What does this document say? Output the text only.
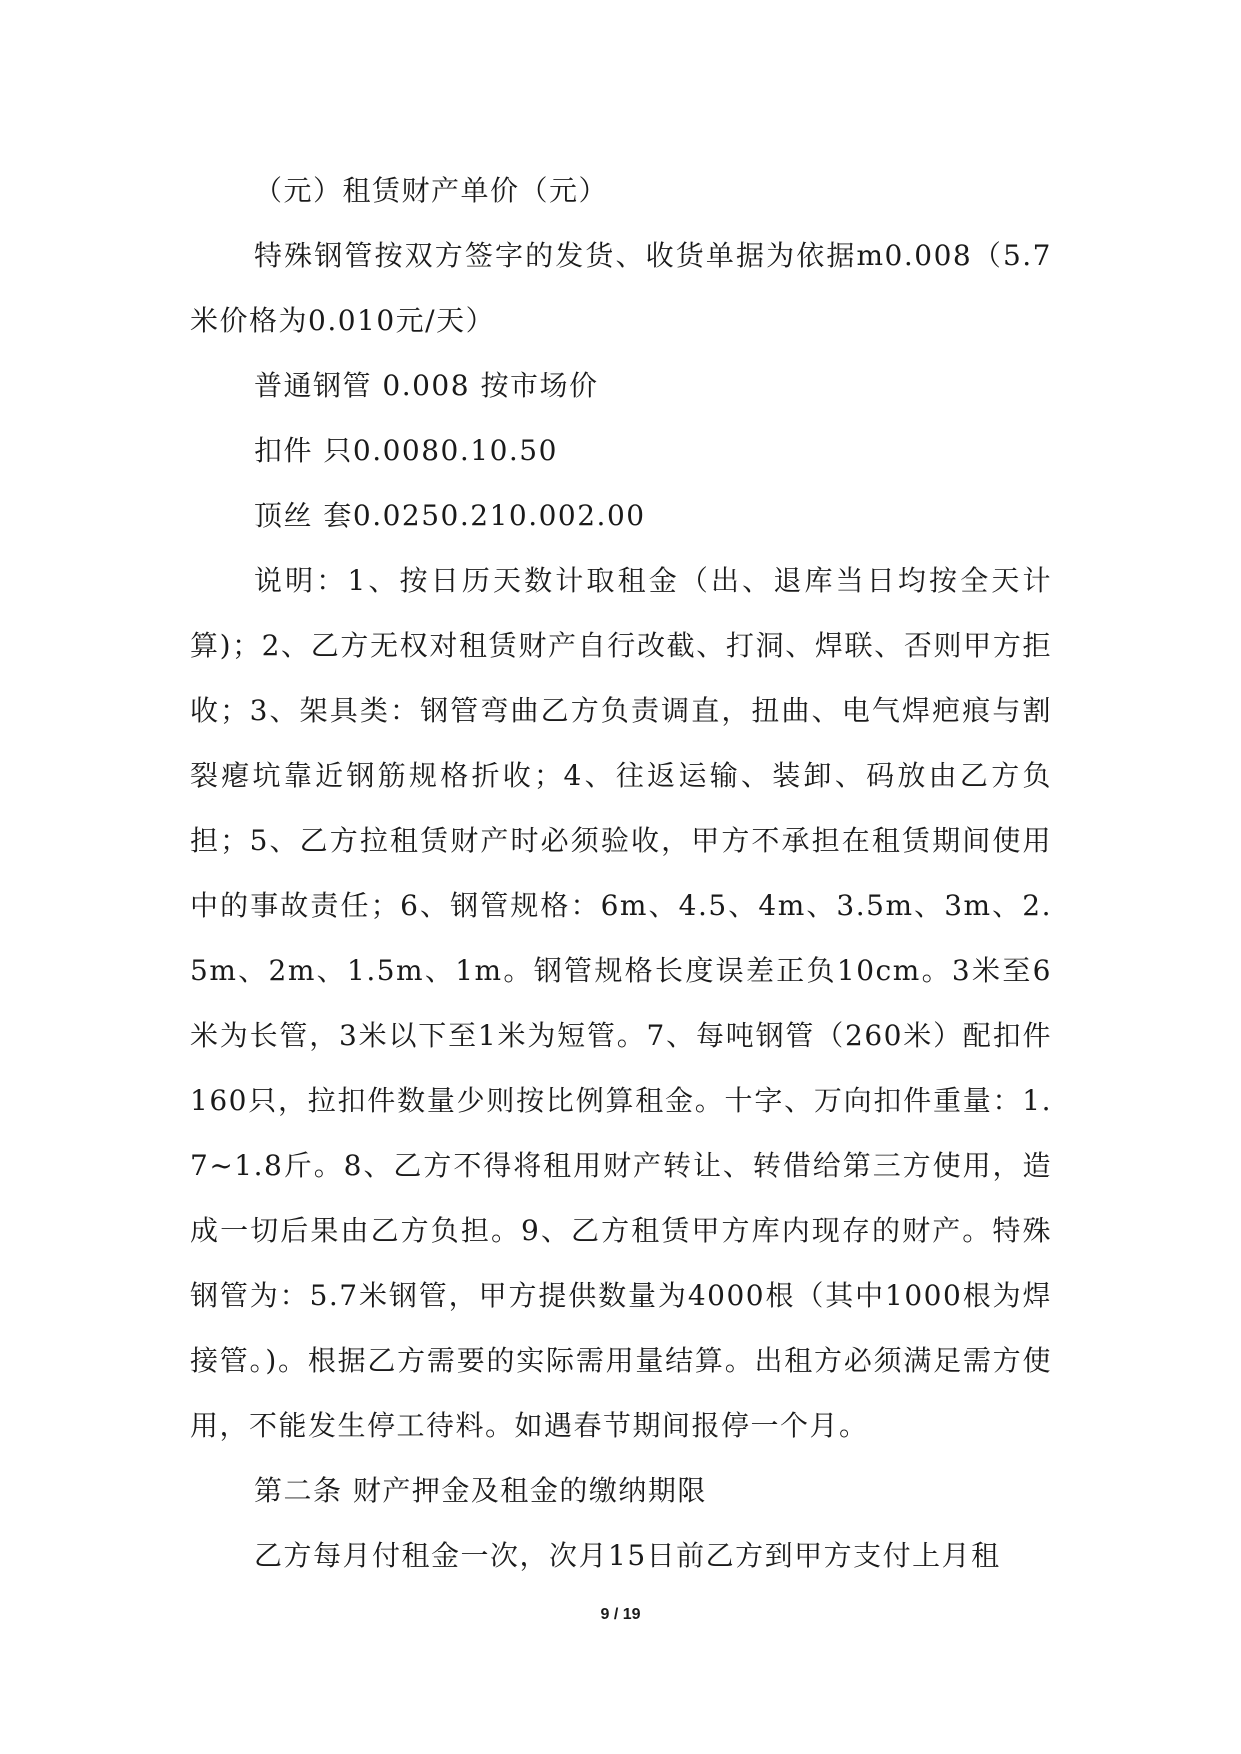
（元）租赁财产单价（元）

特殊钢管按双方签字的发货、收货单据为依据m0.008（5.7米价格为0.010元/天）

普通钢管 0.008 按市场价

扣件 只0.0080.10.50

顶丝 套0.0250.210.002.00

说明：1、按日历天数计取租金（出、退库当日均按全天计算)；2、乙方无权对租赁财产自行改截、打洞、焊联、否则甲方拒收；3、架具类：钢管弯曲乙方负责调直，扭曲、电气焊疤痕与割裂瘪坑靠近钢筋规格折收；4、往返运输、装卸、码放由乙方负担；5、乙方拉租赁财产时必须验收，甲方不承担在租赁期间使用中的事故责任；6、钢管规格：6m、4.5、4m、3.5m、3m、2.5m、2m、1.5m、1m。钢管规格长度误差正负10cm。3米至6米为长管，3米以下至1米为短管。7、每吨钢管（260米）配扣件160只，拉扣件数量少则按比例算租金。十字、万向扣件重量：1.7~1.8斤。8、乙方不得将租用财产转让、转借给第三方使用，造成一切后果由乙方负担。9、乙方租赁甲方库内现存的财产。特殊钢管为：5.7米钢管，甲方提供数量为4000根（其中1000根为焊接管。)。根据乙方需要的实际需用量结算。出租方必须满足需方使用，不能发生停工待料。如遇春节期间报停一个月。

第二条 财产押金及租金的缴纳期限

乙方每月付租金一次，次月15日前乙方到甲方支付上月租

9 / 19
